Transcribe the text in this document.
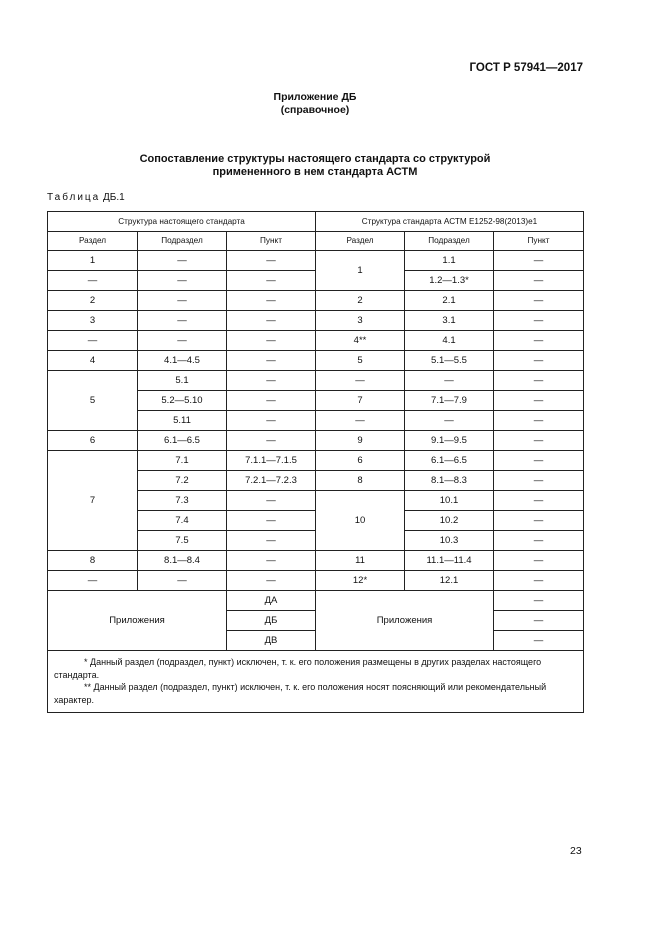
ГОСТ Р 57941—2017
Приложение ДБ
(справочное)
Сопоставление структуры настоящего стандарта со структурой
примененного в нем стандарта АСТМ
Таблица ДБ.1
Структура настоящего стандарта			Структура стандарта АСТМ Е1252-98(2013)е1		
Раздел	Подраздел	Пункт	Раздел	Подраздел	Пункт
1	—	—	1	1.1	—
—	—	—		1.2—1.3*	—
2	—	—	2	2.1	—
3	—	—	3	3.1	—
—	—	—	4**	4.1	—
4	4.1—4.5	—	5	5.1—5.5	—
5	5.1	—	—	—	—
	5.2—5.10	—	7	7.1—7.9	—
	5.11	—	—	—	—
6	6.1—6.5	—	9	9.1—9.5	—
7	7.1	7.1.1—7.1.5	6	6.1—6.5	—
	7.2	7.2.1—7.2.3	8	8.1—8.3	—
	7.3	—	10	10.1	—
	7.4	—		10.2	—
	7.5	—		10.3	—
8	8.1—8.4	—	11	11.1—11.4	—
—	—	—	12*	12.1	—
Приложения		ДА	Приложения		—
		ДБ			—
		ДВ			—

* Данный раздел (подраздел, пункт) исключен, т. к. его положения размещены в других разделах настоящего стандарта.
** Данный раздел (подраздел, пункт) исключен, т. к. его положения носят поясняющий или рекомендательный характер.					
23
